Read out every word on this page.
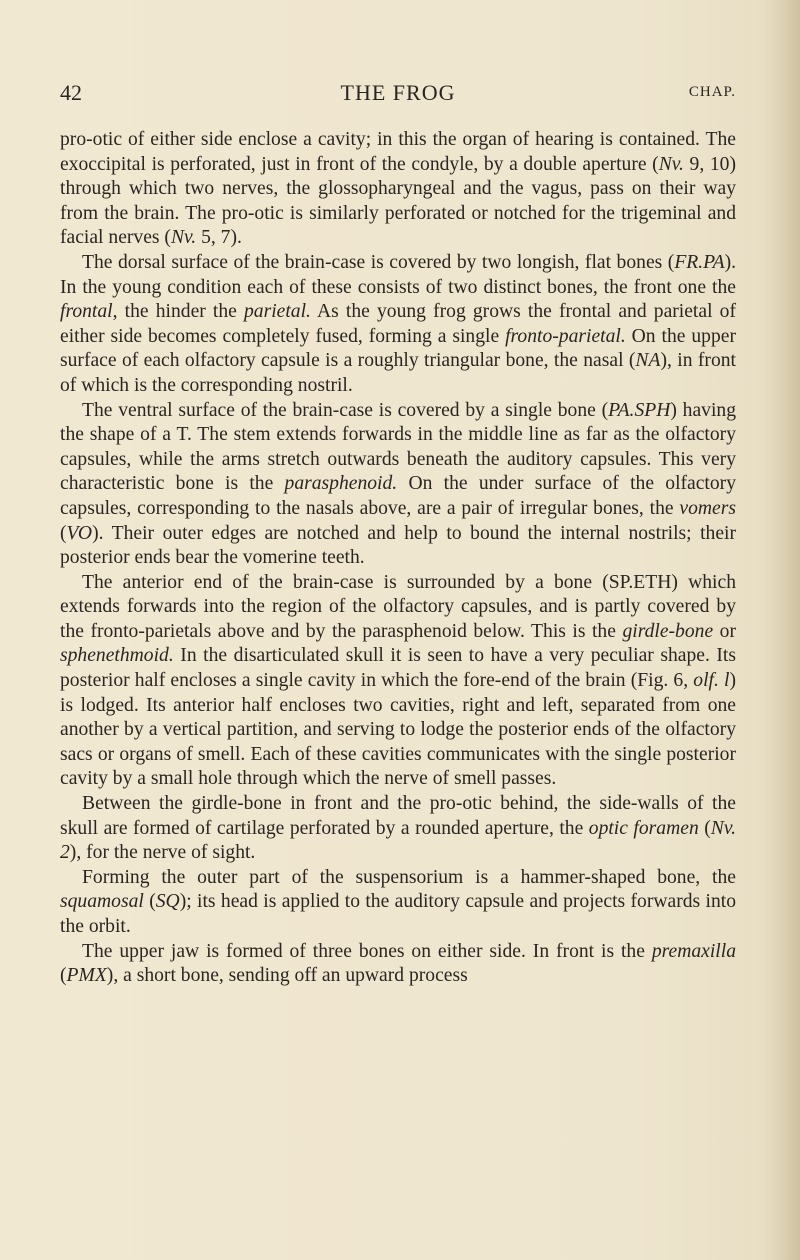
42	THE FROG	CHAP.

pro-otic of either side enclose a cavity; in this the organ of hearing is contained. The exoccipital is perforated, just in front of the condyle, by a double aperture (Nv. 9, 10) through which two nerves, the glossopharyngeal and the vagus, pass on their way from the brain. The pro-otic is similarly perforated or notched for the trigeminal and facial nerves (Nv. 5, 7).

The dorsal surface of the brain-case is covered by two longish, flat bones (FR.PA). In the young condition each of these consists of two distinct bones, the front one the frontal, the hinder the parietal. As the young frog grows the frontal and parietal of either side becomes completely fused, forming a single fronto-parietal. On the upper surface of each olfactory capsule is a roughly triangular bone, the nasal (NA), in front of which is the corresponding nostril.

The ventral surface of the brain-case is covered by a single bone (PA.SPH) having the shape of a T. The stem extends forwards in the middle line as far as the olfactory capsules, while the arms stretch outwards beneath the auditory capsules. This very characteristic bone is the parasphenoid. On the under surface of the olfactory capsules, corresponding to the nasals above, are a pair of irregular bones, the vomers (VO). Their outer edges are notched and help to bound the internal nostrils; their posterior ends bear the vomerine teeth.

The anterior end of the brain-case is surrounded by a bone (SP.ETH) which extends forwards into the region of the olfactory capsules, and is partly covered by the fronto-parietals above and by the parasphenoid below. This is the girdle-bone or sphenethmoid. In the disarticulated skull it is seen to have a very peculiar shape. Its posterior half encloses a single cavity in which the fore-end of the brain (Fig. 6, olf. l) is lodged. Its anterior half encloses two cavities, right and left, separated from one another by a vertical partition, and serving to lodge the posterior ends of the olfactory sacs or organs of smell. Each of these cavities communicates with the single posterior cavity by a small hole through which the nerve of smell passes.

Between the girdle-bone in front and the pro-otic behind, the side-walls of the skull are formed of cartilage perforated by a rounded aperture, the optic foramen (Nv. 2), for the nerve of sight.

Forming the outer part of the suspensorium is a hammer-shaped bone, the squamosal (SQ); its head is applied to the auditory capsule and projects forwards into the orbit.

The upper jaw is formed of three bones on either side. In front is the premaxilla (PMX), a short bone, sending off an upward process
